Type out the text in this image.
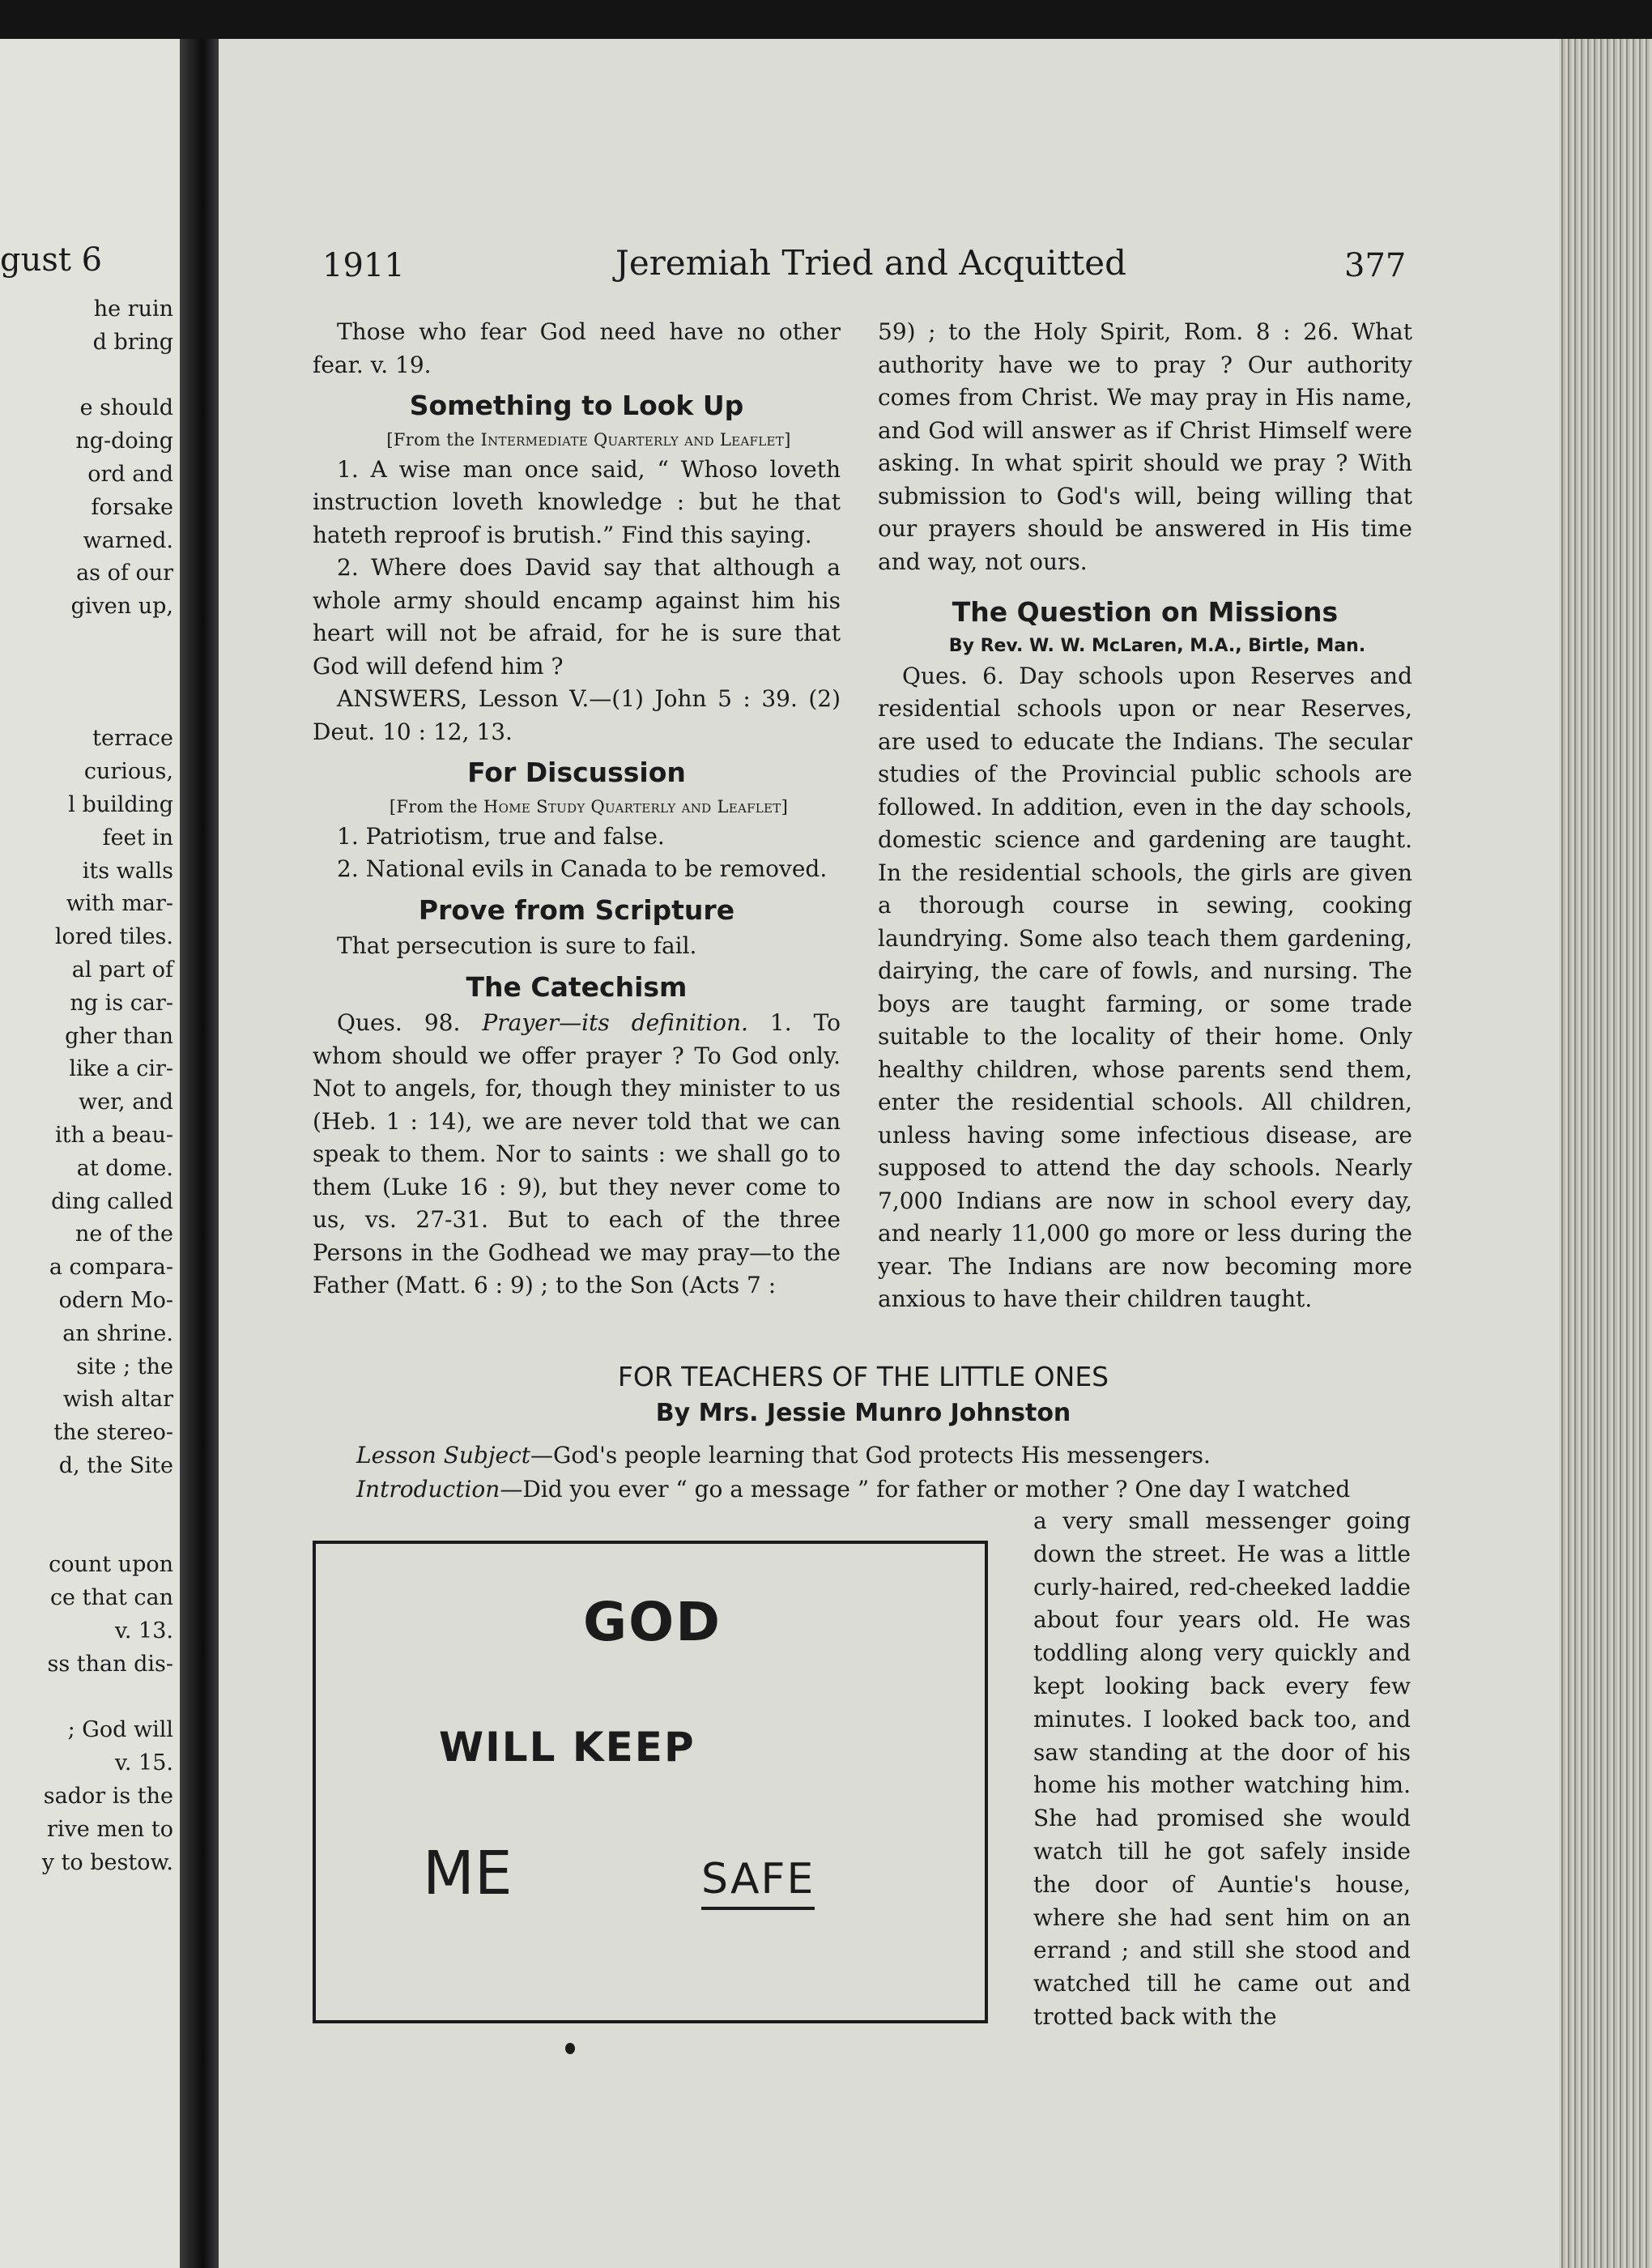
gust 6
he ruin
d bring
e should
ng-doing
ord and
forsake
warned.
as of our
given up,
terrace
curious,
l building
feet in
its walls
with mar-
lored tiles.
al part of
ng is car-
gher than
like a cir-
wer, and
ith a beau-
at dome.
ding called
ne of the
a compara-
odern Mo-
an shrine.
site ; the
wish altar
the stereo-
d, the Site
count upon
ce that can
v. 13.
ss than dis-
; God will
v. 15.
sador is the
rive men to
y to bestow.
1911	Jeremiah Tried and Acquitted	377

Those who fear God need have no other fear. v. 19.

Something to Look Up

[From the Intermediate Quarterly and Leaflet]

1. A wise man once said, “ Whoso loveth instruction loveth knowledge : but he that hateth reproof is brutish.” Find this saying.

2. Where does David say that although a whole army should encamp against him his heart will not be afraid, for he is sure that God will defend him ?

ANSWERS, Lesson V.—(1) John 5 : 39. (2) Deut. 10 : 12, 13.

For Discussion

[From the Home Study Quarterly and Leaflet]

1. Patriotism, true and false.

2. National evils in Canada to be removed.

Prove from Scripture

That persecution is sure to fail.

The Catechism

Ques. 98. Prayer—its definition. 1. To whom should we offer prayer ? To God only. Not to angels, for, though they minister to us (Heb. 1 : 14), we are never told that we can speak to them. Nor to saints : we shall go to them (Luke 16 : 9), but they never come to us, vs. 27-31. But to each of the three Persons in the Godhead we may pray—to the Father (Matt. 6 : 9) ; to the Son (Acts 7 :

59) ; to the Holy Spirit, Rom. 8 : 26. What authority have we to pray ? Our authority comes from Christ. We may pray in His name, and God will answer as if Christ Himself were asking. In what spirit should we pray ? With submission to God's will, being willing that our prayers should be answered in His time and way, not ours.

The Question on Missions

By Rev. W. W. McLaren, M.A., Birtle, Man.

Ques. 6. Day schools upon Reserves and residential schools upon or near Reserves, are used to educate the Indians. The secular studies of the Provincial public schools are followed. In addition, even in the day schools, domestic science and gardening are taught. In the residential schools, the girls are given a thorough course in sewing, cooking laundrying. Some also teach them gardening, dairying, the care of fowls, and nursing. The boys are taught farming, or some trade suitable to the locality of their home. Only healthy children, whose parents send them, enter the residential schools. All children, unless having some infectious disease, are supposed to attend the day schools. Nearly 7,000 Indians are now in school every day, and nearly 11,000 go more or less during the year. The Indians are now becoming more anxious to have their children taught.

FOR TEACHERS OF THE LITTLE ONES
By Mrs. Jessie Munro Johnston
Lesson Subject—God's people learning that God protects His messengers.
Introduction—Did you ever “ go a message ” for father or mother ? One day I watched

a very small messenger going down the street. He was a little curly-haired, red-cheeked laddie about four years old. He was toddling along very quickly and kept looking back every few minutes. I looked back too, and saw standing at the door of his home his mother watching him. She had promised she would watch till he got safely inside the door of Auntie's house, where she had sent him on an errand ; and still she stood and watched till he came out and trotted back with the

GOD
WILL KEEP
ME	SAFE
